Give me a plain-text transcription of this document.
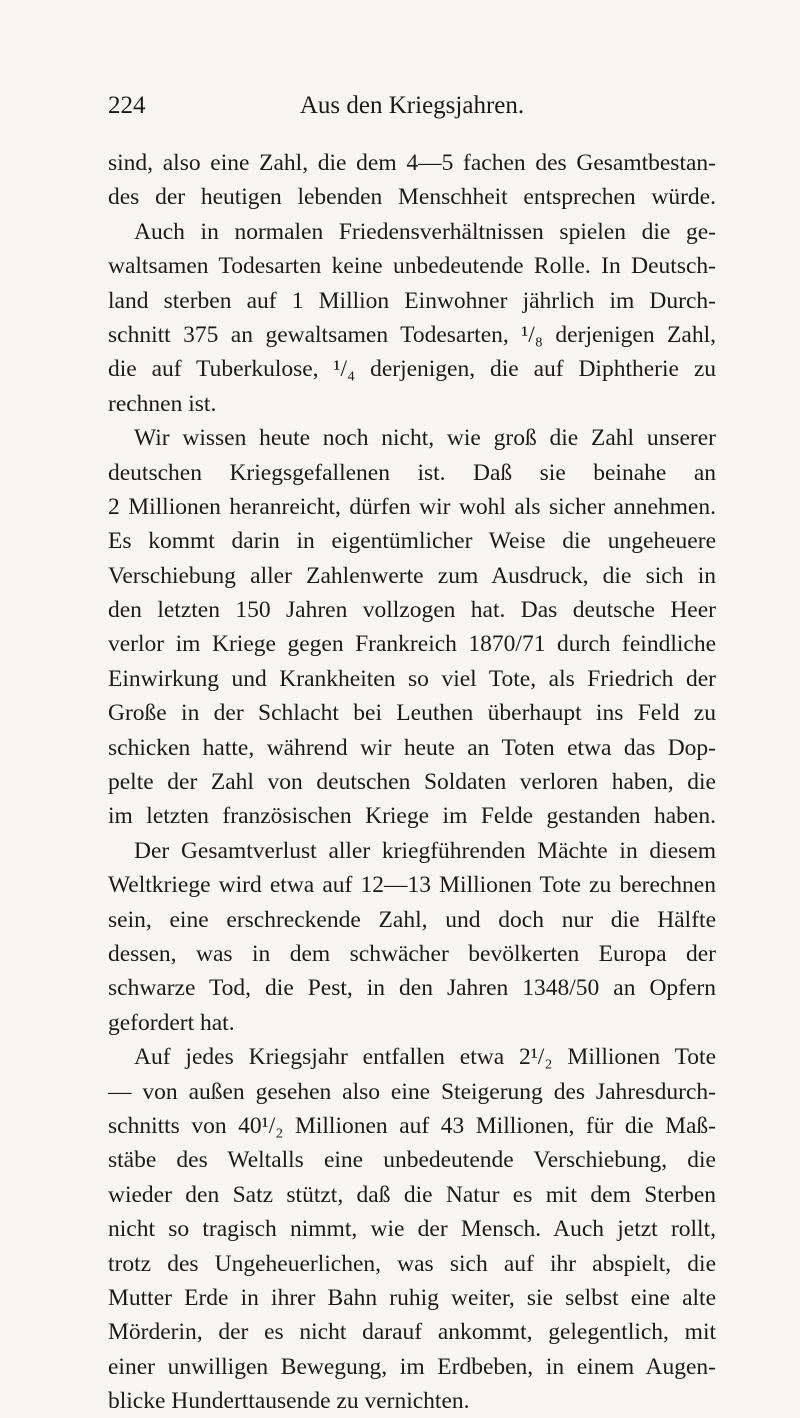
224	Aus den Kriegsjahren.
sind, also eine Zahl, die dem 4—5 fachen des Gesamtbestan-
des der heutigen lebenden Menschheit entsprechen würde.
Auch in normalen Friedensverhältnissen spielen die ge-
waltsamen Todesarten keine unbedeutende Rolle. In Deutsch-
land sterben auf 1 Million Einwohner jährlich im Durch-
schnitt 375 an gewaltsamen Todesarten, ¹/₈ derjenigen Zahl,
die auf Tuberkulose, ¹/₄ derjenigen, die auf Diphtherie zu
rechnen ist.
Wir wissen heute noch nicht, wie groß die Zahl unserer
deutschen Kriegsgefallenen ist. Daß sie beinahe an
2 Millionen heranreicht, dürfen wir wohl als sicher annehmen.
Es kommt darin in eigentümlicher Weise die ungeheuere
Verschiebung aller Zahlenwerte zum Ausdruck, die sich in
den letzten 150 Jahren vollzogen hat. Das deutsche Heer
verlor im Kriege gegen Frankreich 1870/71 durch feindliche
Einwirkung und Krankheiten so viel Tote, als Friedrich der
Große in der Schlacht bei Leuthen überhaupt ins Feld zu
schicken hatte, während wir heute an Toten etwa das Dop-
pelte der Zahl von deutschen Soldaten verloren haben, die
im letzten französischen Kriege im Felde gestanden haben.
Der Gesamtverlust aller kriegführenden Mächte in diesem
Weltkriege wird etwa auf 12—13 Millionen Tote zu berechnen
sein, eine erschreckende Zahl, und doch nur die Hälfte
dessen, was in dem schwächer bevölkerten Europa der
schwarze Tod, die Pest, in den Jahren 1348/50 an Opfern
gefordert hat.
Auf jedes Kriegsjahr entfallen etwa 2¹/₂ Millionen Tote
— von außen gesehen also eine Steigerung des Jahresdurch-
schnitts von 40¹/₂ Millionen auf 43 Millionen, für die Maß-
stäbe des Weltalls eine unbedeutende Verschiebung, die
wieder den Satz stützt, daß die Natur es mit dem Sterben
nicht so tragisch nimmt, wie der Mensch. Auch jetzt rollt,
trotz des Ungeheuerlichen, was sich auf ihr abspielt, die
Mutter Erde in ihrer Bahn ruhig weiter, sie selbst eine alte
Mörderin, der es nicht darauf ankommt, gelegentlich, mit
einer unwilligen Bewegung, im Erdbeben, in einem Augen-
blicke Hunderttausende zu vernichten.
